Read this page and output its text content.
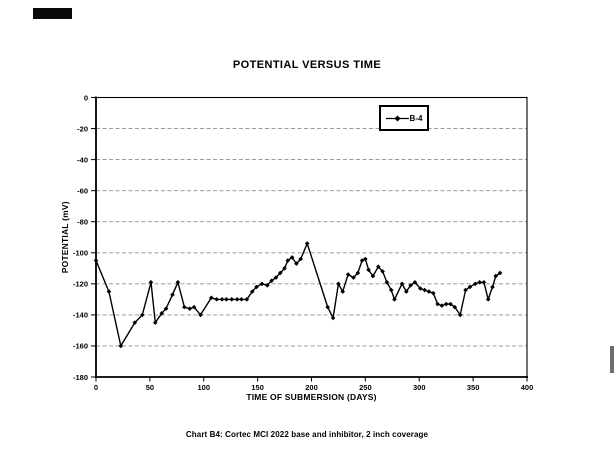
POTENTIAL VERSUS TIME
0
-20
-40
-60
-80
-100
-120
-140
-160
-180
0	50	100	150	200	250	300	350	400
TIME OF SUBMERSION (DAYS)
POTENTIAL (mV)
B-4
Chart B4: Cortec MCI 2022 base and inhibitor, 2 inch coverage
